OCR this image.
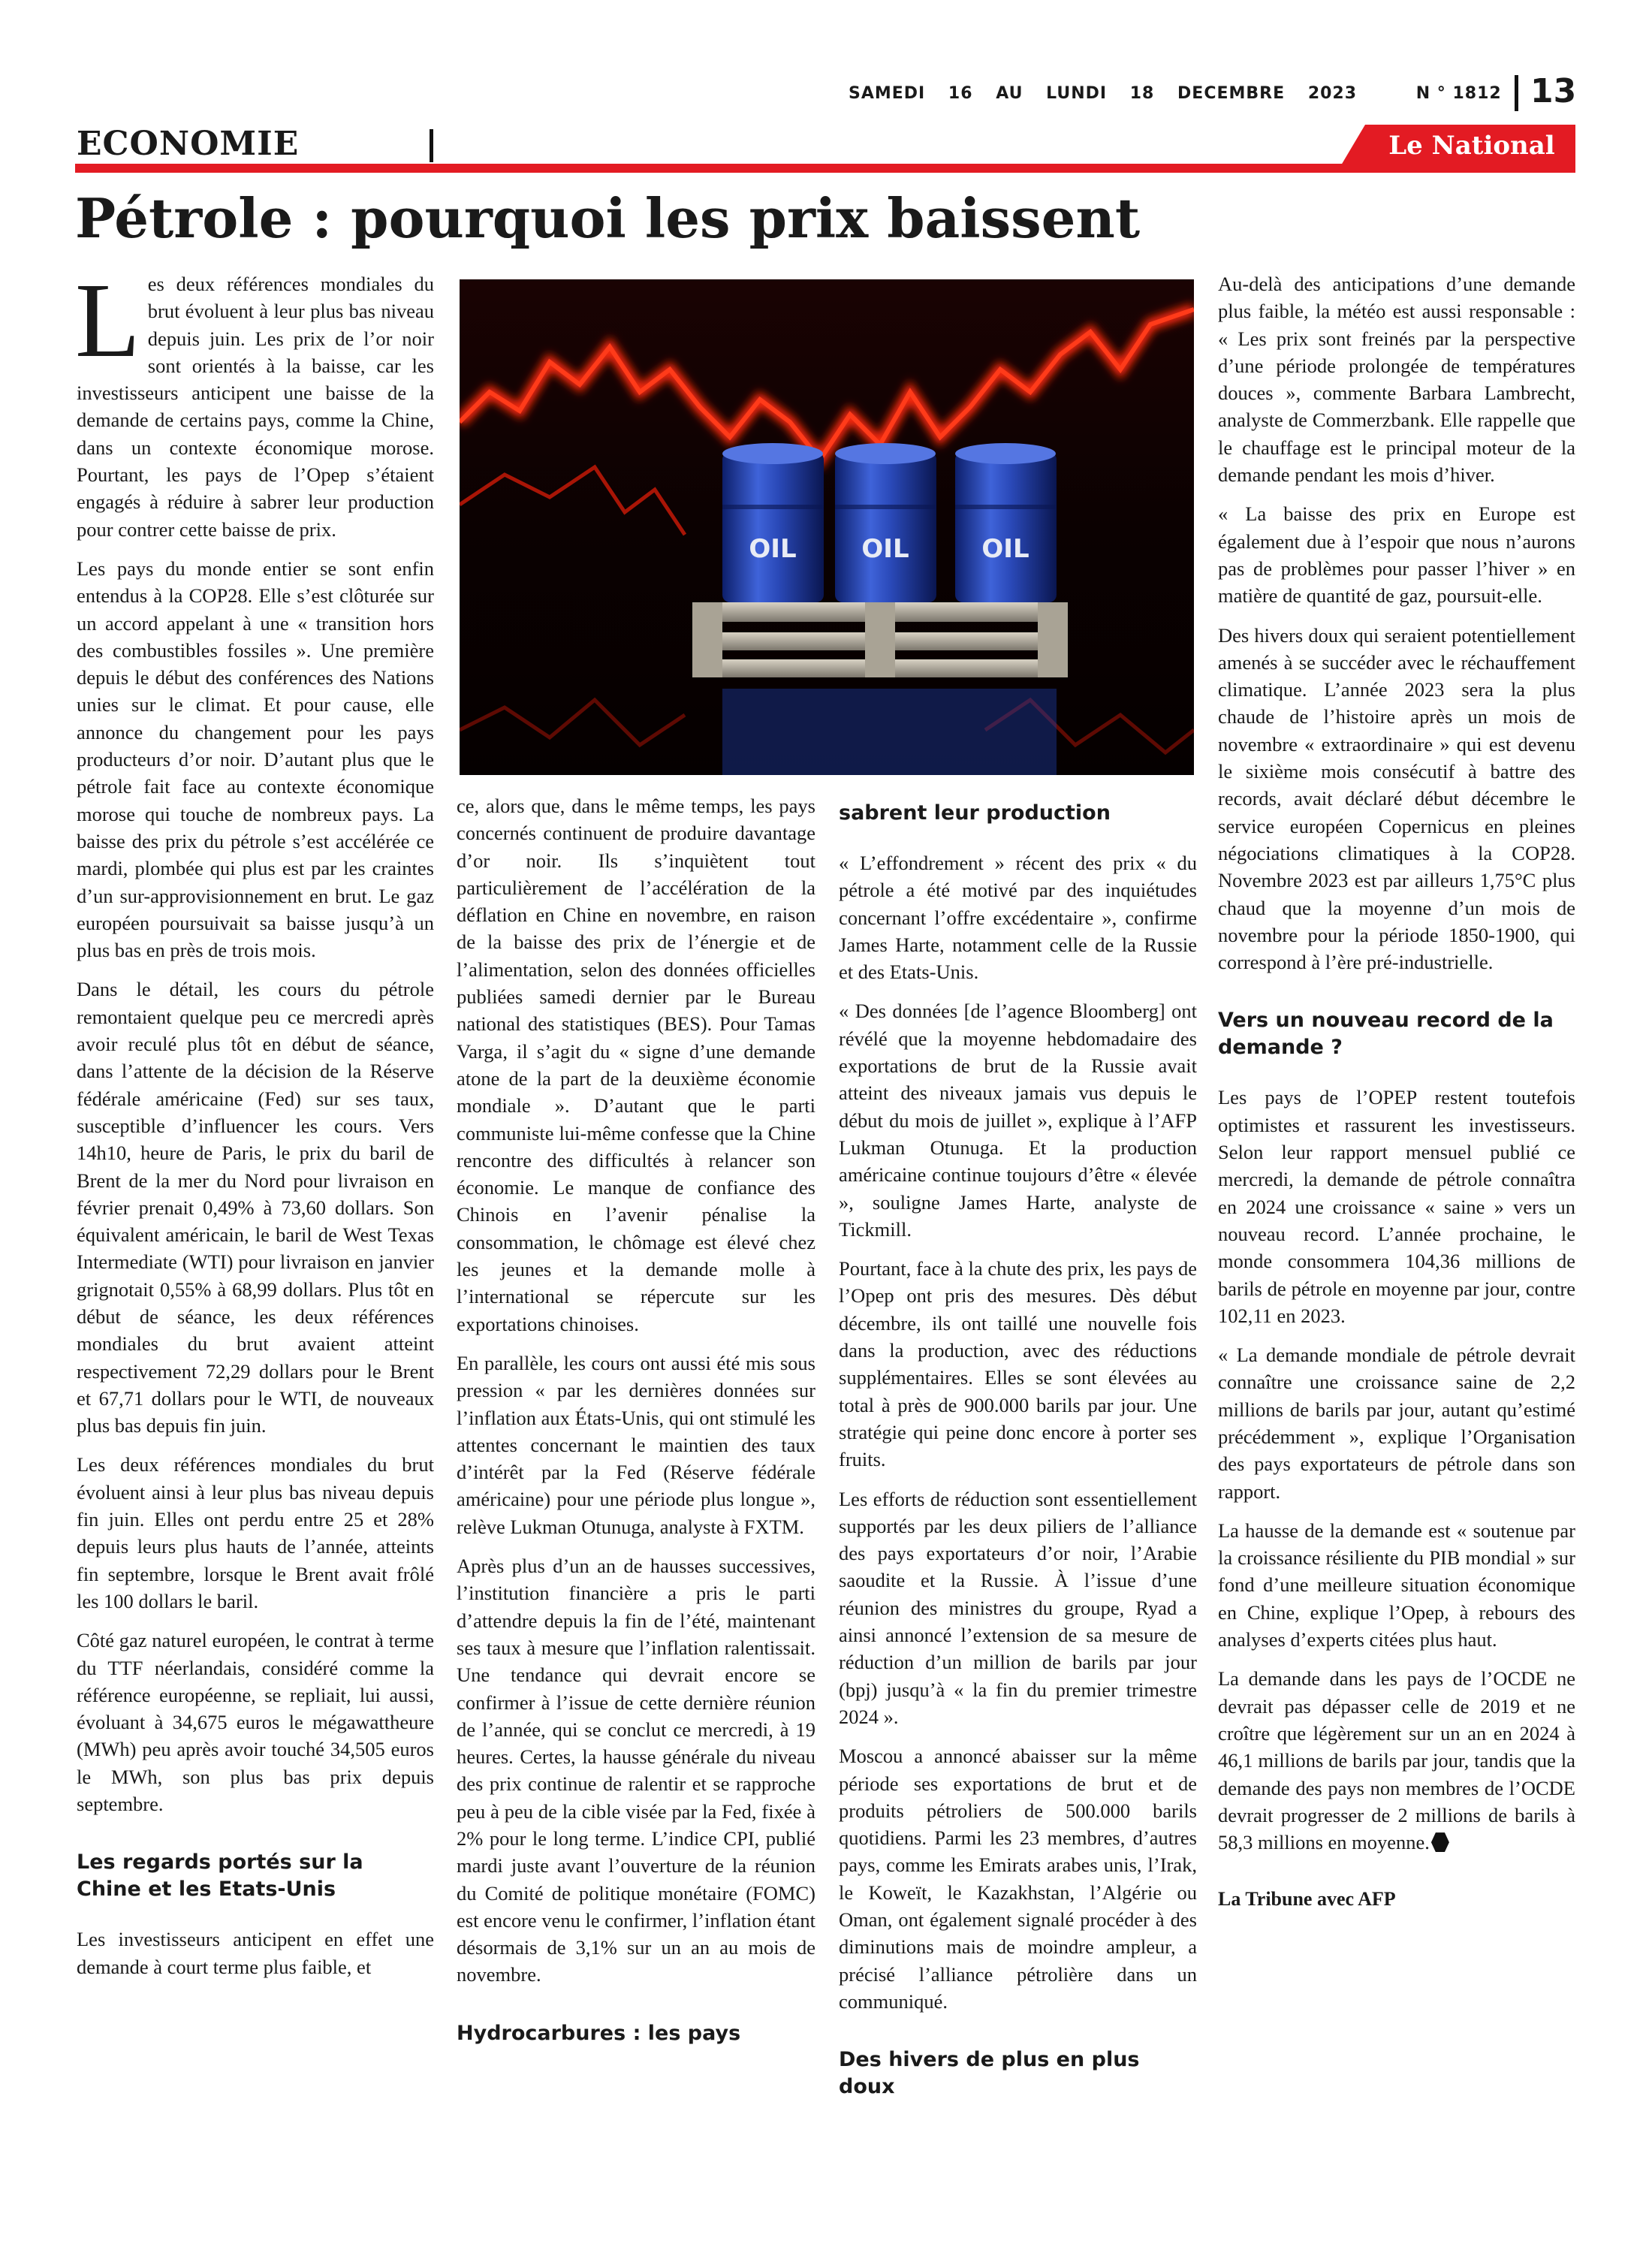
SAMEDI 16 AU LUNDI 18 DECEMBRE 2023	N ° 1812 13
ECONOMIE	Le National
Pétrole : pourquoi les prix baissent
OIL	OIL	OIL

Les deux références mondiales du brut évoluent à leur plus bas niveau depuis juin. Les prix de l’or noir sont orientés à la baisse, car les investisseurs anticipent une baisse de la demande de certains pays, comme la Chine, dans un contexte économique morose. Pourtant, les pays de l’Opep s’étaient engagés à réduire à sabrer leur production pour contrer cette baisse de prix.

Les pays du monde entier se sont enfin entendus à la COP28. Elle s’est clôturée sur un accord appelant à une « transition hors des combustibles fossiles ». Une première depuis le début des conférences des Nations unies sur le climat. Et pour cause, elle annonce du changement pour les pays producteurs d’or noir. D’autant plus que le pétrole fait face au contexte économique morose qui touche de nombreux pays. La baisse des prix du pétrole s’est accélérée ce mardi, plombée qui plus est par les craintes d’un sur-approvisionnement en brut. Le gaz européen poursuivait sa baisse jusqu’à un plus bas en près de trois mois.

Dans le détail, les cours du pétrole remontaient quelque peu ce mercredi après avoir reculé plus tôt en début de séance, dans l’attente de la décision de la Réserve fédérale américaine (Fed) sur ses taux, susceptible d’influencer les cours. Vers 14h10, heure de Paris, le prix du baril de Brent de la mer du Nord pour livraison en février prenait 0,49% à 73,60 dollars. Son équivalent américain, le baril de West Texas Intermediate (WTI) pour livraison en janvier grignotait 0,55% à 68,99 dollars. Plus tôt en début de séance, les deux références mondiales du brut avaient atteint respectivement 72,29 dollars pour le Brent et 67,71 dollars pour le WTI, de nouveaux plus bas depuis fin juin.

Les deux références mondiales du brut évoluent ainsi à leur plus bas niveau depuis fin juin. Elles ont perdu entre 25 et 28% depuis leurs plus hauts de l’année, atteints fin septembre, lorsque le Brent avait frôlé les 100 dollars le baril.

Côté gaz naturel européen, le contrat à terme du TTF néerlandais, considéré comme la référence européenne, se repliait, lui aussi, évoluant à 34,675 euros le mégawattheure (MWh) peu après avoir touché 34,505 euros le MWh, son plus bas prix depuis septembre.

Les regards portés sur la Chine et les Etats-Unis

Les investisseurs anticipent en effet une demande à court terme plus faible, et

ce, alors que, dans le même temps, les pays concernés continuent de produire davantage d’or noir. Ils s’inquiètent tout particulièrement de l’accélération de la déflation en Chine en novembre, en raison de la baisse des prix de l’énergie et de l’alimentation, selon des données officielles publiées samedi dernier par le Bureau national des statistiques (BES). Pour Tamas Varga, il s’agit du « signe d’une demande atone de la part de la deuxième économie mondiale ». D’autant que le parti communiste lui-même confesse que la Chine rencontre des difficultés à relancer son économie. Le manque de confiance des Chinois en l’avenir pénalise la consommation, le chômage est élevé chez les jeunes et la demande molle à l’international se répercute sur les exportations chinoises.

En parallèle, les cours ont aussi été mis sous pression « par les dernières données sur l’inflation aux États-Unis, qui ont stimulé les attentes concernant le maintien des taux d’intérêt par la Fed (Réserve fédérale américaine) pour une période plus longue », relève Lukman Otunuga, analyste à FXTM.

Après plus d’un an de hausses successives, l’institution financière a pris le parti d’attendre depuis la fin de l’été, maintenant ses taux à mesure que l’inflation ralentissait. Une tendance qui devrait encore se confirmer à l’issue de cette dernière réunion de l’année, qui se conclut ce mercredi, à 19 heures. Certes, la hausse générale du niveau des prix continue de ralentir et se rapproche peu à peu de la cible visée par la Fed, fixée à 2% pour le long terme. L’indice CPI, publié mardi juste avant l’ouverture de la réunion du Comité de politique monétaire (FOMC) est encore venu le confirmer, l’inflation étant désormais de 3,1% sur un an au mois de novembre.

Hydrocarbures : les pays
sabrent leur production

« L’effondrement » récent des prix « du pétrole a été motivé par des inquiétudes concernant l’offre excédentaire », confirme James Harte, notamment celle de la Russie et des Etats-Unis.

« Des données [de l’agence Bloomberg] ont révélé que la moyenne hebdomadaire des exportations de brut de la Russie avait atteint des niveaux jamais vus depuis le début du mois de juillet », explique à l’AFP Lukman Otunuga. Et la production américaine continue toujours d’être « élevée », souligne James Harte, analyste de Tickmill.

Pourtant, face à la chute des prix, les pays de l’Opep ont pris des mesures. Dès début décembre, ils ont taillé une nouvelle fois dans la production, avec des réductions supplémentaires. Elles se sont élevées au total à près de 900.000 barils par jour. Une stratégie qui peine donc encore à porter ses fruits.

Les efforts de réduction sont essentiellement supportés par les deux piliers de l’alliance des pays exportateurs d’or noir, l’Arabie saoudite et la Russie. À l’issue d’une réunion des ministres du groupe, Ryad a ainsi annoncé l’extension de sa mesure de réduction d’un million de barils par jour (bpj) jusqu’à « la fin du premier trimestre 2024 ».

Moscou a annoncé abaisser sur la même période ses exportations de brut et de produits pétroliers de 500.000 barils quotidiens. Parmi les 23 membres, d’autres pays, comme les Emirats arabes unis, l’Irak, le Koweït, le Kazakhstan, l’Algérie ou Oman, ont également signalé procéder à des diminutions mais de moindre ampleur, a précisé l’alliance pétrolière dans un communiqué.

Des hivers de plus en plus doux

Au-delà des anticipations d’une demande plus faible, la météo est aussi responsable : « Les prix sont freinés par la perspective d’une période prolongée de températures douces », commente Barbara Lambrecht, analyste de Commerzbank. Elle rappelle que le chauffage est le principal moteur de la demande pendant les mois d’hiver.

« La baisse des prix en Europe est également due à l’espoir que nous n’aurons pas de problèmes pour passer l’hiver » en matière de quantité de gaz, poursuit-elle.

Des hivers doux qui seraient potentiellement amenés à se succéder avec le réchauffement climatique. L’année 2023 sera la plus chaude de l’histoire après un mois de novembre « extraordinaire » qui est devenu le sixième mois consécutif à battre des records, avait déclaré début décembre le service européen Copernicus en pleines négociations climatiques à la COP28. Novembre 2023 est par ailleurs 1,75°C plus chaud que la moyenne d’un mois de novembre pour la période 1850-1900, qui correspond à l’ère pré-industrielle.

Vers un nouveau record de la demande ?

Les pays de l’OPEP restent toutefois optimistes et rassurent les investisseurs. Selon leur rapport mensuel publié ce mercredi, la demande de pétrole connaîtra en 2024 une croissance « saine » vers un nouveau record. L’année prochaine, le monde consommera 104,36 millions de barils de pétrole en moyenne par jour, contre 102,11 en 2023.

« La demande mondiale de pétrole devrait connaître une croissance saine de 2,2 millions de barils par jour, autant qu’estimé précédemment », explique l’Organisation des pays exportateurs de pétrole dans son rapport.

La hausse de la demande est « soutenue par la croissance résiliente du PIB mondial » sur fond d’une meilleure situation économique en Chine, explique l’Opep, à rebours des analyses d’experts citées plus haut.

La demande dans les pays de l’OCDE ne devrait pas dépasser celle de 2019 et ne croître que légèrement sur un an en 2024 à 46,1 millions de barils par jour, tandis que la demande des pays non membres de l’OCDE devrait progresser de 2 millions de barils à 58,3 millions en moyenne.

La Tribune avec AFP
